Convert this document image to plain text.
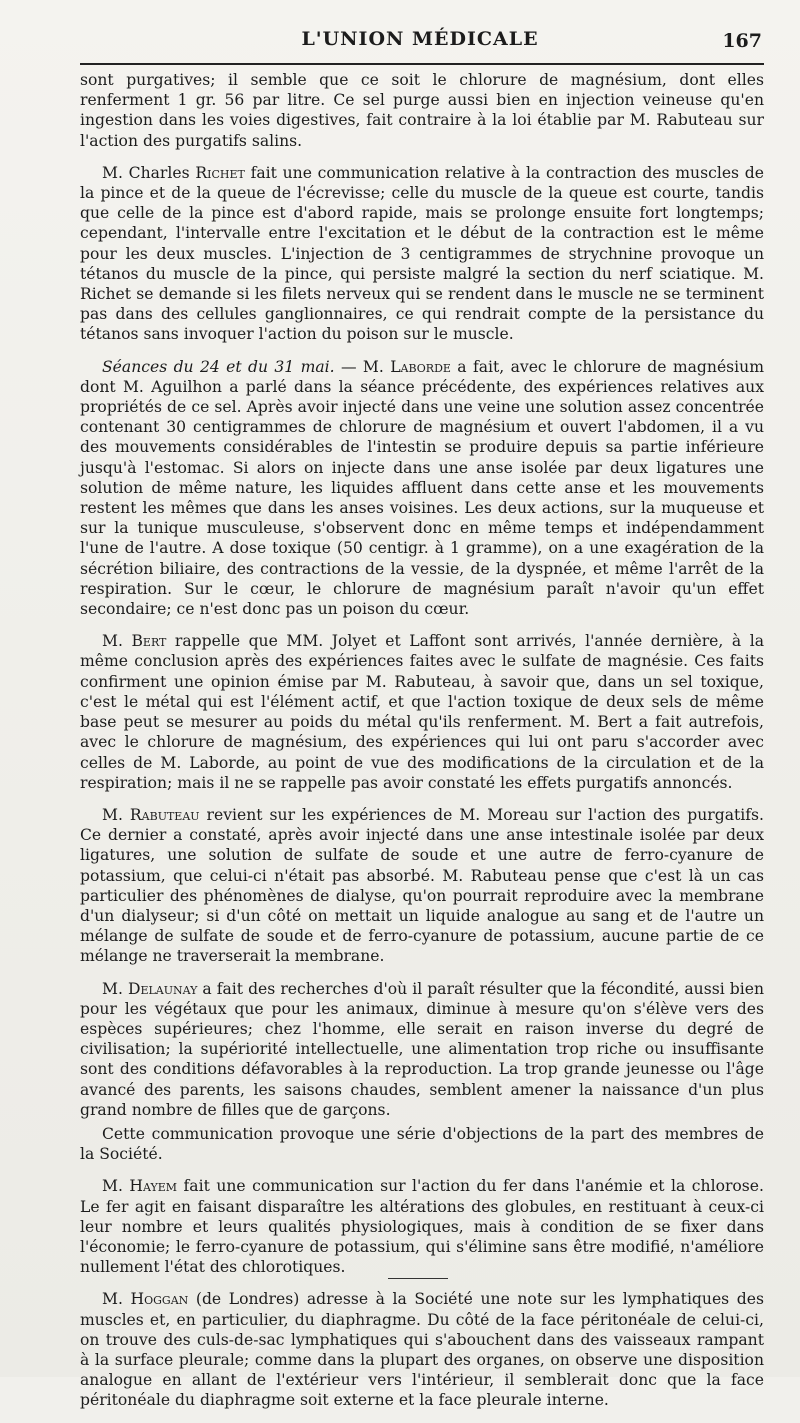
L'UNION MÉDICALE	167

sont purgatives; il semble que ce soit le chlorure de magnésium, dont elles renferment 1 gr. 56 par litre. Ce sel purge aussi bien en injection veineuse qu'en ingestion dans les voies digestives, fait contraire à la loi établie par M. Rabuteau sur l'action des purgatifs salins.

M. Charles Richet fait une communication relative à la contraction des muscles de la pince et de la queue de l'écrevisse; celle du muscle de la queue est courte, tandis que celle de la pince est d'abord rapide, mais se prolonge ensuite fort longtemps; cependant, l'intervalle entre l'excitation et le début de la contraction est le même pour les deux muscles. L'injection de 3 centigrammes de strychnine provoque un tétanos du muscle de la pince, qui persiste malgré la section du nerf sciatique. M. Richet se demande si les filets nerveux qui se rendent dans le muscle ne se terminent pas dans des cellules ganglionnaires, ce qui rendrait compte de la persistance du tétanos sans invoquer l'action du poison sur le muscle.

Séances du 24 et du 31 mai. — M. Laborde a fait, avec le chlorure de magnésium dont M. Aguilhon a parlé dans la séance précédente, des expériences relatives aux propriétés de ce sel. Après avoir injecté dans une veine une solution assez concentrée contenant 30 centigrammes de chlorure de magnésium et ouvert l'abdomen, il a vu des mouvements considérables de l'intestin se produire depuis sa partie inférieure jusqu'à l'estomac. Si alors on injecte dans une anse isolée par deux ligatures une solution de même nature, les liquides affluent dans cette anse et les mouvements restent les mêmes que dans les anses voisines. Les deux actions, sur la muqueuse et sur la tunique musculeuse, s'observent donc en même temps et indépendamment l'une de l'autre. A dose toxique (50 centigr. à 1 gramme), on a une exagération de la sécrétion biliaire, des contractions de la vessie, de la dyspnée, et même l'arrêt de la respiration. Sur le cœur, le chlorure de magnésium paraît n'avoir qu'un effet secondaire; ce n'est donc pas un poison du cœur.

M. Bert rappelle que MM. Jolyet et Laffont sont arrivés, l'année dernière, à la même conclusion après des expériences faites avec le sulfate de magnésie. Ces faits confirment une opinion émise par M. Rabuteau, à savoir que, dans un sel toxique, c'est le métal qui est l'élément actif, et que l'action toxique de deux sels de même base peut se mesurer au poids du métal qu'ils renferment. M. Bert a fait autrefois, avec le chlorure de magnésium, des expériences qui lui ont paru s'accorder avec celles de M. Laborde, au point de vue des modifications de la circulation et de la respiration; mais il ne se rappelle pas avoir constaté les effets purgatifs annoncés.

M. Rabuteau revient sur les expériences de M. Moreau sur l'action des purgatifs. Ce dernier a constaté, après avoir injecté dans une anse intestinale isolée par deux ligatures, une solution de sulfate de soude et une autre de ferro-cyanure de potassium, que celui-ci n'était pas absorbé. M. Rabuteau pense que c'est là un cas particulier des phénomènes de dialyse, qu'on pourrait reproduire avec la membrane d'un dialyseur; si d'un côté on mettait un liquide analogue au sang et de l'autre un mélange de sulfate de soude et de ferro-cyanure de potassium, aucune partie de ce mélange ne traverserait la membrane.

M. Delaunay a fait des recherches d'où il paraît résulter que la fécondité, aussi bien pour les végétaux que pour les animaux, diminue à mesure qu'on s'élève vers des espèces supérieures; chez l'homme, elle serait en raison inverse du degré de civilisation; la supériorité intellectuelle, une alimentation trop riche ou insuffisante sont des conditions défavorables à la reproduction. La trop grande jeunesse ou l'âge avancé des parents, les saisons chaudes, semblent amener la naissance d'un plus grand nombre de filles que de garçons.

Cette communication provoque une série d'objections de la part des membres de la Société.

M. Hayem fait une communication sur l'action du fer dans l'anémie et la chlorose. Le fer agit en faisant disparaître les altérations des globules, en restituant à ceux-ci leur nombre et leurs qualités physiologiques, mais à condition de se fixer dans l'économie; le ferro-cyanure de potassium, qui s'élimine sans être modifié, n'améliore nullement l'état des chlorotiques.

M. Hoggan (de Londres) adresse à la Société une note sur les lymphatiques des muscles et, en particulier, du diaphragme. Du côté de la face péritonéale de celui-ci, on trouve des culs-de-sac lymphatiques qui s'abouchent dans des vaisseaux rampant à la surface pleurale; comme dans la plupart des organes, on observe une disposition analogue en allant de l'extérieur vers l'intérieur, il semblerait donc que la face péritonéale du diaphragme soit externe et la face pleurale interne.
